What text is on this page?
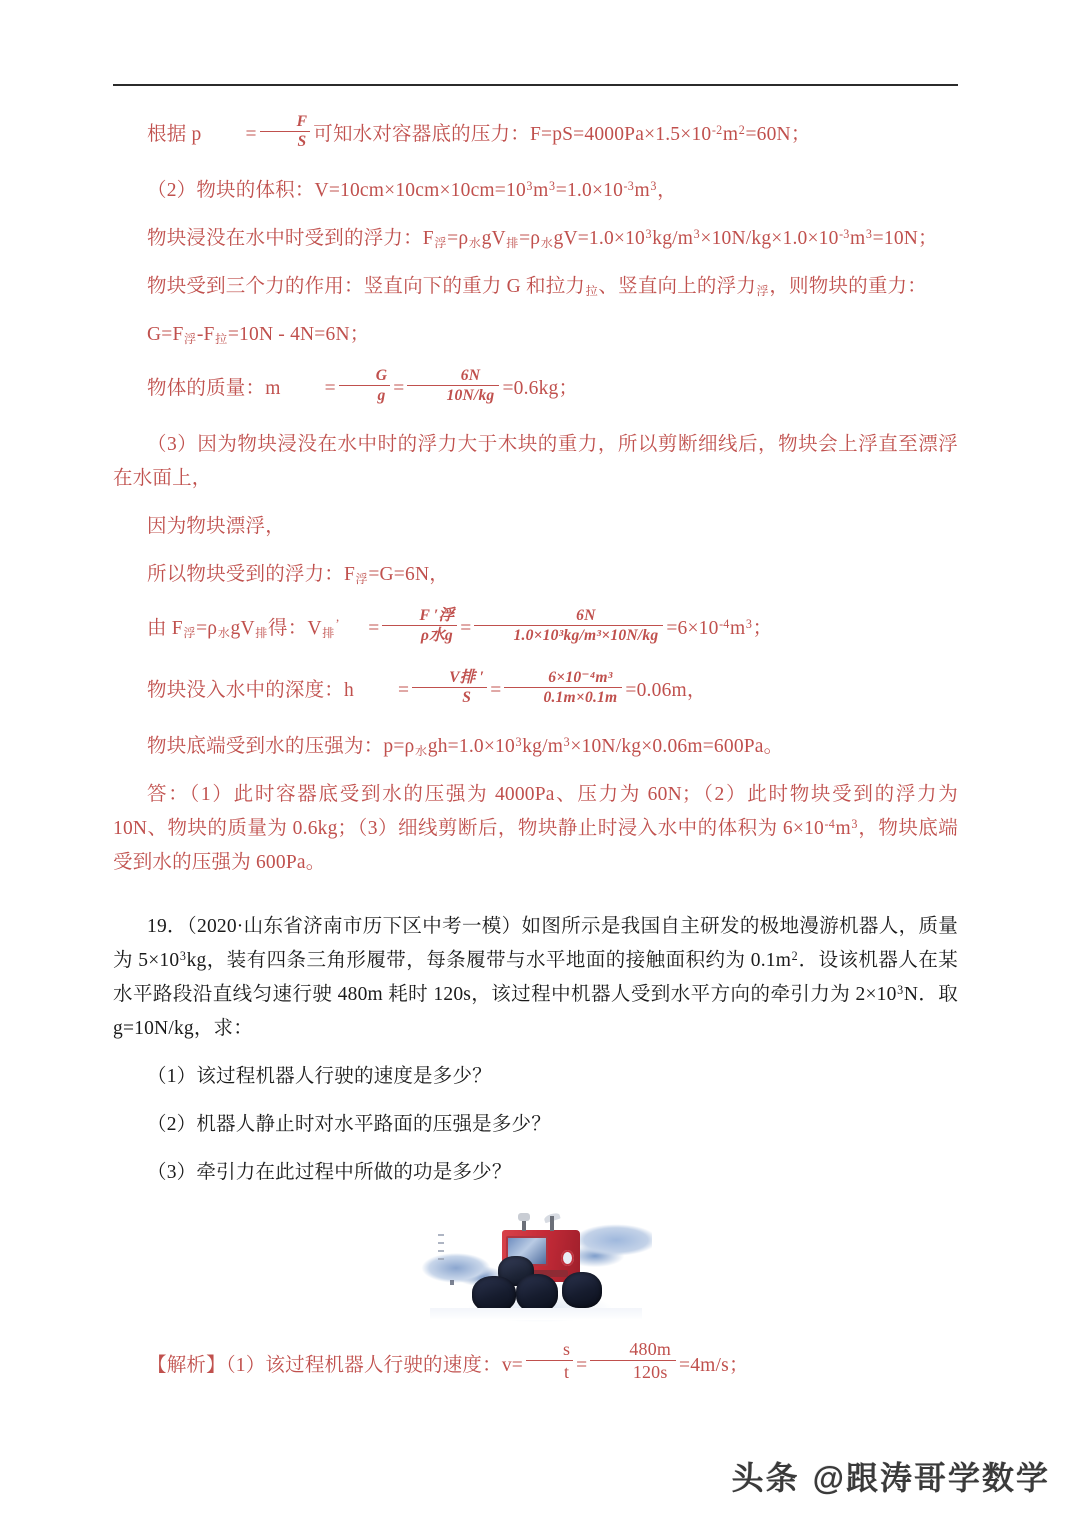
根据 $p = \frac{F}{S}$ 可知水对容器底的压力：$F=pS=4000Pa\times 1.5\times 10^{-2}m^2=60N$；

（2）物块的体积：$V=10cm\times 10cm\times 10cm=10^3m^3=1.0\times 10^{-3}m^3$，

物块浸没在水中时受到的浮力：$F_浮=\rho_水gV_排=\rho_水gV=1.0\times 10^3kg/m^3\times 10N/kg\times 1.0\times 10^{-3}m^3=10N$；

物块受到三个力的作用：竖直向下的重力 G 和拉力$_拉$、竖直向上的浮力$_浮$，则物块的重力：

$G=F_浮-F_拉=10N - 4N=6N$；

物体的质量：$m = \frac{G}{g} = \frac{6N}{10N/kg} =0.6kg$；

（3）因为物块浸没在水中时的浮力大于木块的重力，所以剪断细线后，物块会上浮直至漂浮在水面上，

因为物块漂浮，

所以物块受到的浮力：$F_浮=G=6N$，

由 $F_浮=\rho_水gV_排$得：$V_排^’ = \frac{\text{F ′浮}}{\text{ρ水g}} = \frac{6N}{\text{1.0×10³kg/m³×10N/kg}} =6\times 10^{-4}m^3$；

物块没入水中的深度：$h = \frac{\text{V排 ′}}{S} = \frac{\text{6×10⁻⁴m³}}{0.1m\times 0.1m} =0.06m$，

物块底端受到水的压强为：$p=\rho_水gh=1.0\times 10^3kg/m^3\times 10N/kg\times 0.06m=600Pa$。

答：（1）此时容器底受到水的压强为 4000Pa、压力为 60N；（2）此时物块受到的浮力为 10N、物块的质量为 0.6kg；（3）细线剪断后，物块静止时浸入水中的体积为 $6\times 10^{-4}m^3$，物块底端受到水的压强为 600Pa。

19．（2020·山东省济南市历下区中考一模）如图所示是我国自主研发的极地漫游机器人，质量为 $5\times 10^3kg$，装有四条三角形履带，每条履带与水平地面的接触面积约为 $0.1m^2$．设该机器人在某水平路段沿直线匀速行驶 480m 耗时 120s，该过程中机器人受到水平方向的牵引力为 $2\times 10^3N$．取 g=10N/kg，求：

（1）该过程机器人行驶的速度是多少？

（2）机器人静止时对水平路面的压强是多少？

（3）牵引力在此过程中所做的功是多少？

【解析】（1）该过程机器人行驶的速度：$v= \frac{s}{t} = \frac{480m}{120s} =4m/s$；

头条 @跟涛哥学数学
